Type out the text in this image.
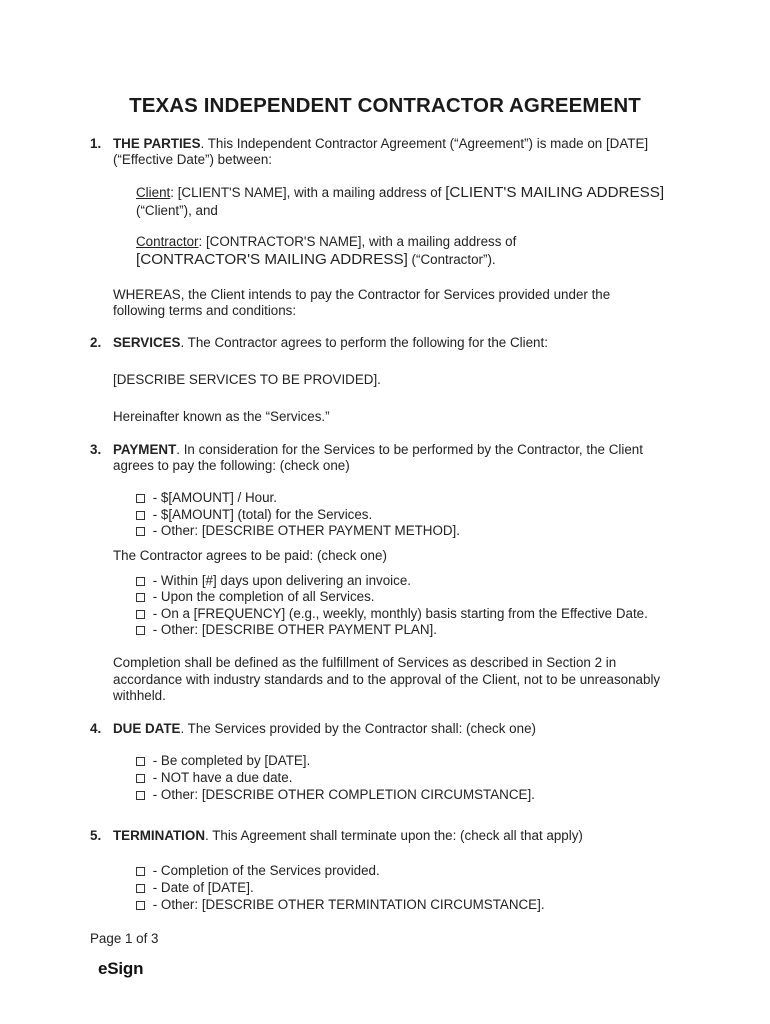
TEXAS INDEPENDENT CONTRACTOR AGREEMENT
1. THE PARTIES. This Independent Contractor Agreement (“Agreement”) is made on [DATE]
(“Effective Date”) between:
Client: [CLIENT'S NAME], with a mailing address of [CLIENT'S MAILING ADDRESS]
(“Client”), and
Contractor: [CONTRACTOR'S NAME], with a mailing address of
[CONTRACTOR'S MAILING ADDRESS] (“Contractor”).
WHEREAS, the Client intends to pay the Contractor for Services provided under the
following terms and conditions:
2. SERVICES. The Contractor agrees to perform the following for the Client:
[DESCRIBE SERVICES TO BE PROVIDED].
Hereinafter known as the “Services.”
3. PAYMENT. In consideration for the Services to be performed by the Contractor, the Client
agrees to pay the following: (check one)
- $[AMOUNT] / Hour.
- $[AMOUNT] (total) for the Services.
- Other: [DESCRIBE OTHER PAYMENT METHOD].
The Contractor agrees to be paid: (check one)
- Within [#] days upon delivering an invoice.
- Upon the completion of all Services.
- On a [FREQUENCY] (e.g., weekly, monthly) basis starting from the Effective Date.
- Other: [DESCRIBE OTHER PAYMENT PLAN].
Completion shall be defined as the fulfillment of Services as described in Section 2 in
accordance with industry standards and to the approval of the Client, not to be unreasonably
withheld.
4. DUE DATE. The Services provided by the Contractor shall: (check one)
- Be completed by [DATE].
- NOT have a due date.
- Other: [DESCRIBE OTHER COMPLETION CIRCUMSTANCE].
5. TERMINATION. This Agreement shall terminate upon the: (check all that apply)
- Completion of the Services provided.
- Date of [DATE].
- Other: [DESCRIBE OTHER TERMINTATION CIRCUMSTANCE].
Page 1 of 3
eSign
